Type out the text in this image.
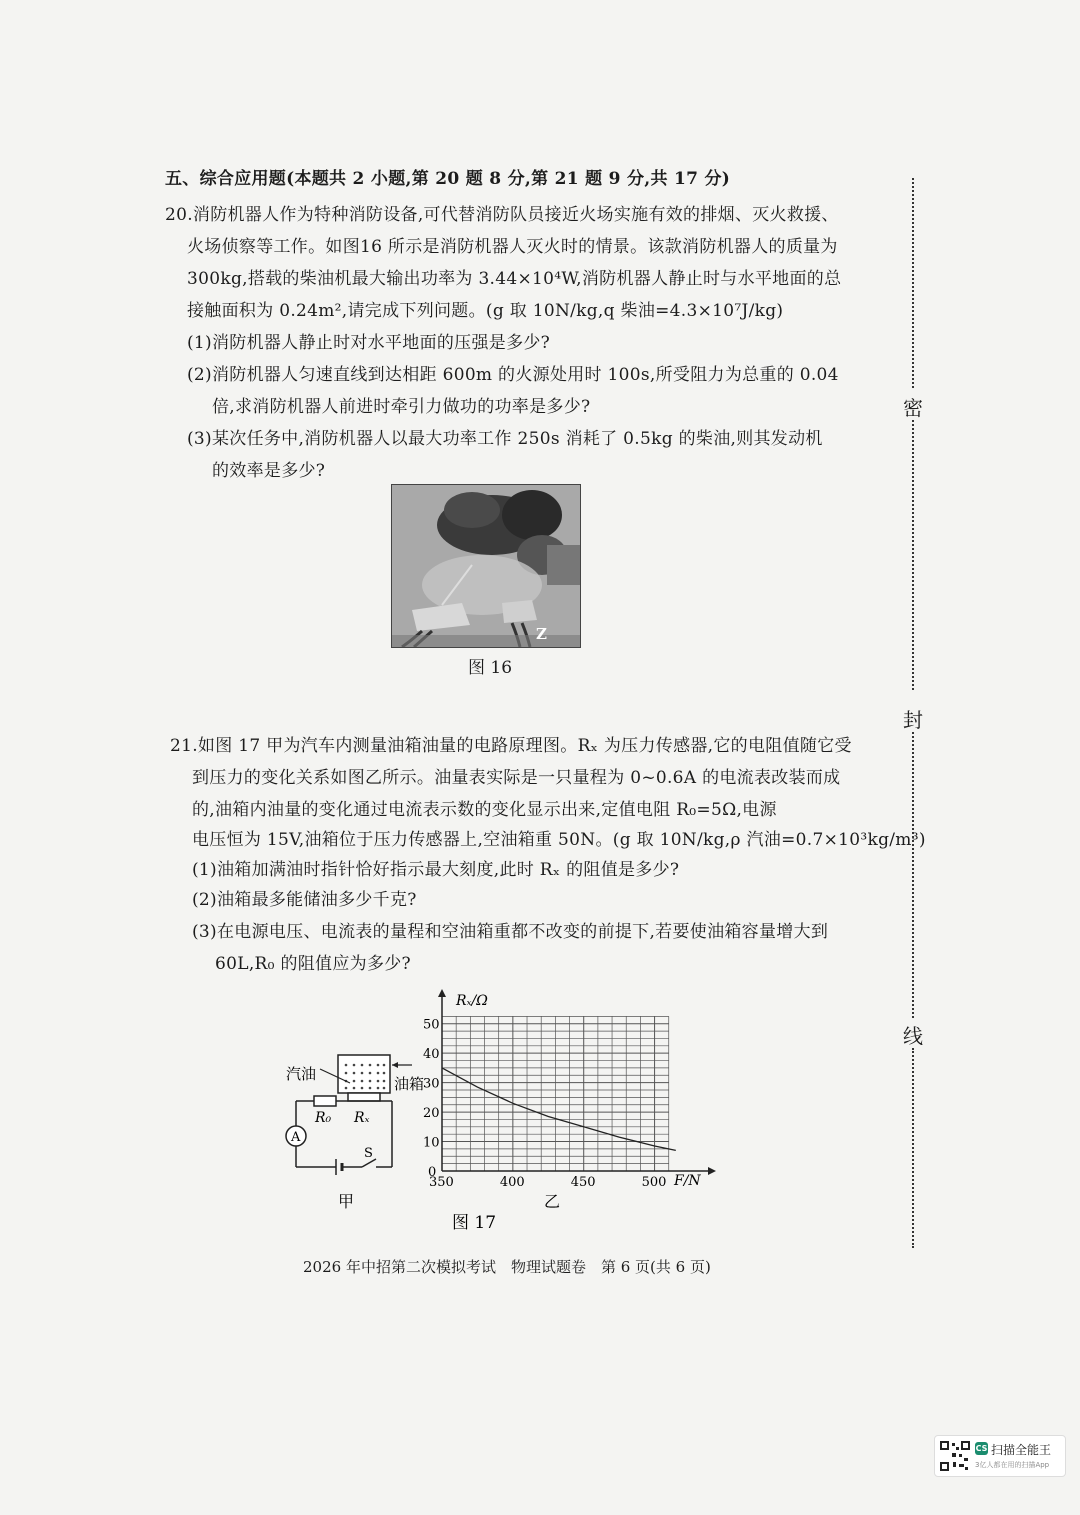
五、综合应用题(本题共 2 小题,第 20 题 8 分,第 21 题 9 分,共 17 分)
20.消防机器人作为特种消防设备,可代替消防队员接近火场实施有效的排烟、灭火救援、
火场侦察等工作。如图16 所示是消防机器人灭火时的情景。该款消防机器人的质量为
300kg,搭载的柴油机最大输出功率为 3.44×10⁴W,消防机器人静止时与水平地面的总
接触面积为 0.24m²,请完成下列问题。(g 取 10N/kg,q 柴油=4.3×10⁷J/kg)
(1)消防机器人静止时对水平地面的压强是多少?
(2)消防机器人匀速直线到达相距 600m 的火源处用时 100s,所受阻力为总重的 0.04
倍,求消防机器人前进时牵引力做功的功率是多少?
(3)某次任务中,消防机器人以最大功率工作 250s 消耗了 0.5kg 的柴油,则其发动机
的效率是多少?
Z
图 16
21.如图 17 甲为汽车内测量油箱油量的电路原理图。Rₓ 为压力传感器,它的电阻值随它受
到压力的变化关系如图乙所示。油量表实际是一只量程为 0~0.6A 的电流表改装而成
的,油箱内油量的变化通过电流表示数的变化显示出来,定值电阻 R₀=5Ω,电源
电压恒为 15V,油箱位于压力传感器上,空油箱重 50N。(g 取 10N/kg,ρ 汽油=0.7×10³kg/m³)
(1)油箱加满油时指针恰好指示最大刻度,此时 Rₓ 的阻值是多少?
(2)油箱最多能储油多少千克?
(3)在电源电压、电流表的量程和空油箱重都不改变的前提下,若要使油箱容量增大到
60L,R₀ 的阻值应为多少?
汽油
油箱
R₀ Rₓ
A
S
甲
350	400	450	500
0
10
20
30
40
50
Rₓ/Ω
F/N
乙
图 17
密
封
线
2026 年中招第二次模拟考试　物理试题卷　第 6 页(共 6 页)
CS 扫描全能王
3亿人都在用的扫描App
